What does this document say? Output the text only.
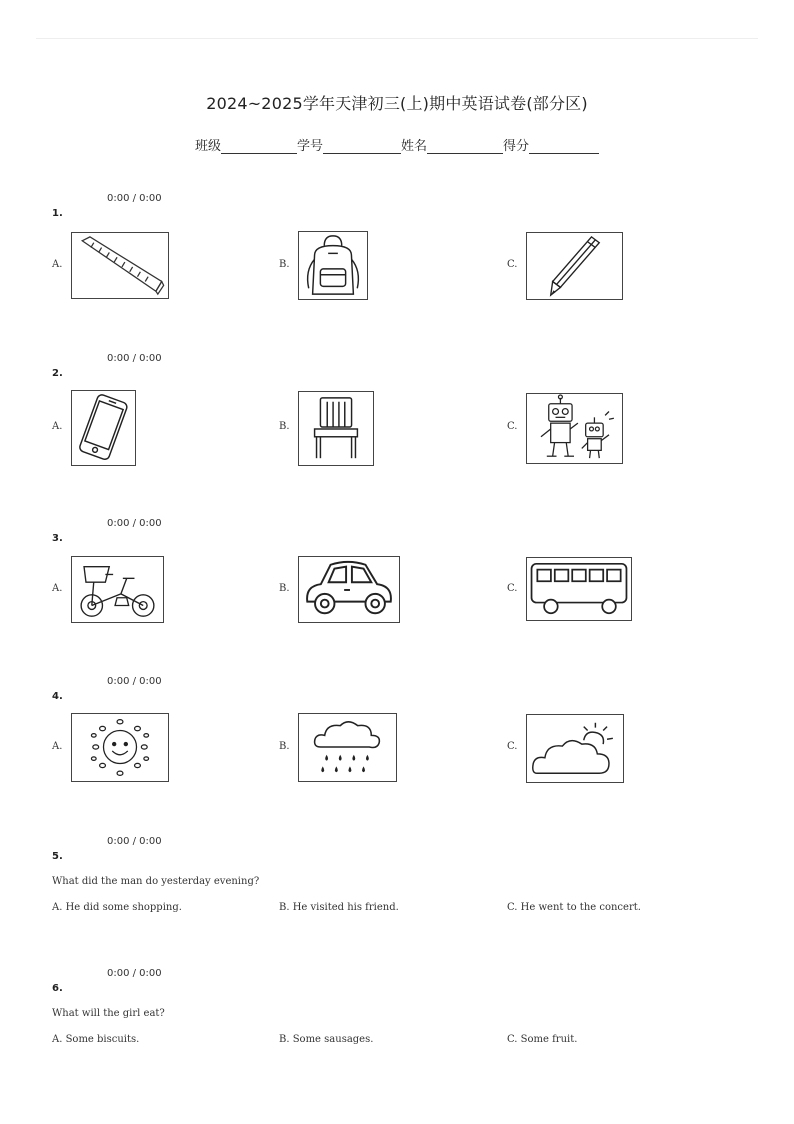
2024~2025学年天津初三(上)期中英语试卷(部分区)
班级	学号	姓名	得分
0:00 / 0:00
1.
A.	B.	C.
0:00 / 0:00
2.
A.	B.	C.
0:00 / 0:00
3.
A.	B.	C.
0:00 / 0:00
4.
A.	B.	C.
0:00 / 0:00
5.
What did the man do yesterday evening?
A. He did some shopping.	B. He visited his friend.	C. He went to the concert.
0:00 / 0:00
6.
What will the girl eat?
A. Some biscuits.	B. Some sausages.	C. Some fruit.
